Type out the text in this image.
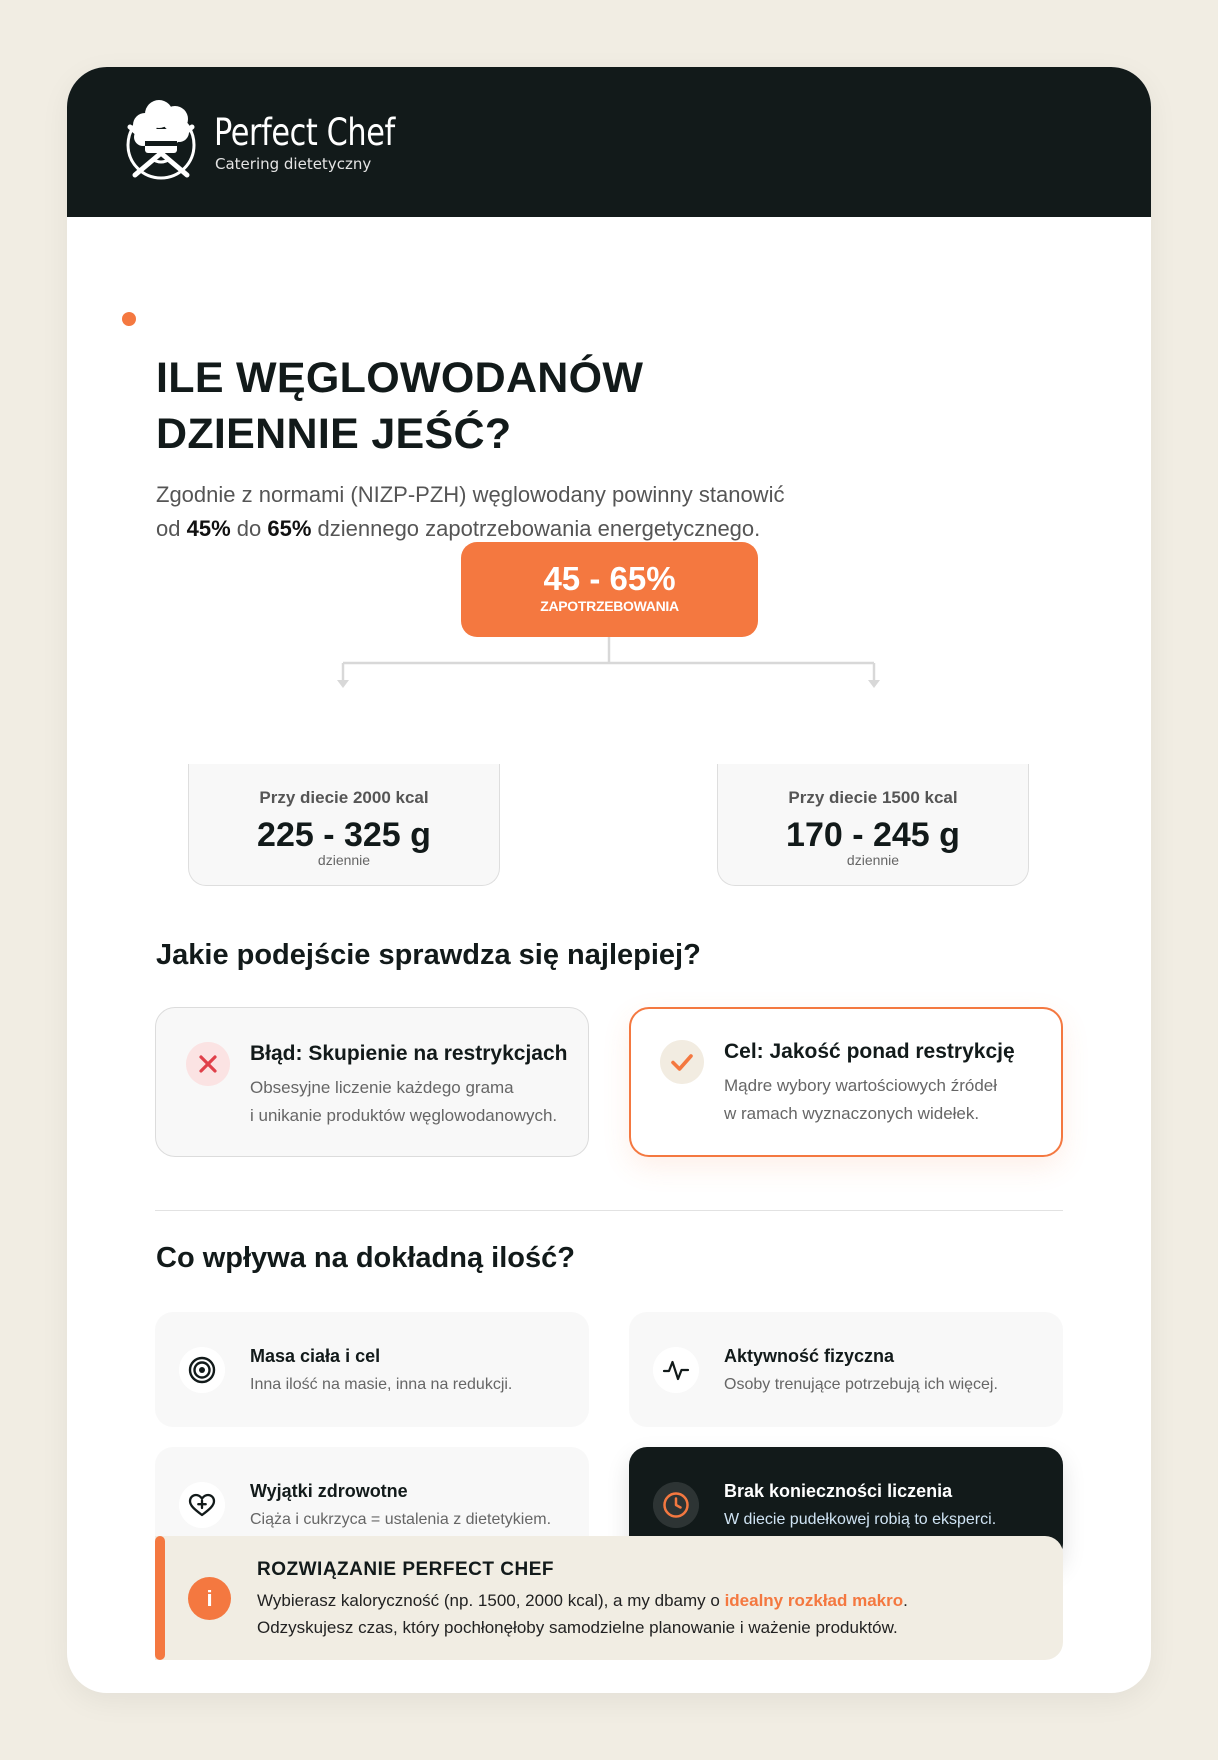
Perfect Chef
Catering dietetyczny
ILE WĘGLOWODANÓW
DZIENNIE JEŚĆ?

Zgodnie z normami (NIZP-PZH) węglowodany powinny stanowić
od 45% do 65% dziennego zapotrzebowania energetycznego.

45 - 65%
ZAPOTRZEBOWANIA
Przy diecie 2000 kcal
225 - 325 g
dziennie
Przy diecie 1500 kcal
170 - 245 g
dziennie
Jakie podejście sprawdza się najlepiej?
Błąd: Skupienie na restrykcjach
Obsesyjne liczenie każdego grama
i unikanie produktów węglowodanowych.
Cel: Jakość ponad restrykcję
Mądre wybory wartościowych źródeł
w ramach wyznaczonych widełek.
Co wpływa na dokładną ilość?
Masa ciała i cel
Inna ilość na masie, inna na redukcji.
Aktywność fizyczna
Osoby trenujące potrzebują ich więcej.
Wyjątki zdrowotne
Ciąża i cukrzyca = ustalenia z dietetykiem.
Brak konieczności liczenia
W diecie pudełkowej robią to eksperci.
i
ROZWIĄZANIE PERFECT CHEF
Wybierasz kaloryczność (np. 1500, 2000 kcal), a my dbamy o idealny rozkład makro.
Odzyskujesz czas, który pochłonęłoby samodzielne planowanie i ważenie produktów.
